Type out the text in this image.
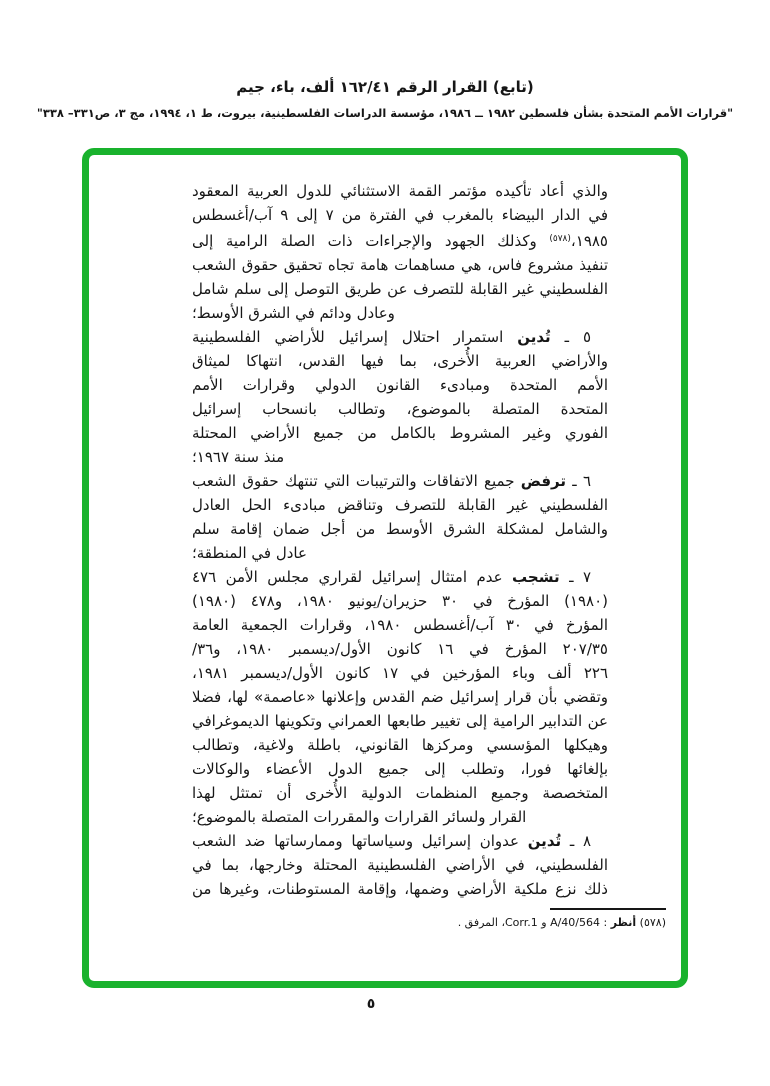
(تابع) القرار الرقم ٤١‏/‏١٦٢ ألف، باء، جيم
"قرارات الأمم المتحدة بشأن فلسطين ١٩٨٢ ــ ١٩٨٦، مؤسسة الدراسات الفلسطينية، بيروت، ط ١، ١٩٩٤، مج ٣، ص٣٣١– ٣٣٨"
والذي أعاد تأكيده مؤتمر القمة الاستثنائي للدول العربية المعقود
في الدار البيضاء بالمغرب في الفترة من ٧ إلى ٩ آب/أغسطس
١٩٨٥،$^{(٥٧٨)}$ وكذلك الجهود والإجراءات ذات الصلة الرامية إلى
تنفيذ مشروع فاس، هي مساهمات هامة تجاه تحقيق حقوق الشعب
الفلسطيني غير القابلة للتصرف عن طريق التوصل إلى سلم شامل
وعادل ودائم في الشرق الأوسط؛
٥ ـ تُدين استمرار احتلال إسرائيل للأراضي الفلسطينية
والأراضي العربية الأُخرى، بما فيها القدس، انتهاكا لميثاق
الأمم المتحدة ومبادىء القانون الدولي وقرارات الأمم
المتحدة المتصلة بالموضوع، وتطالب بانسحاب إسرائيل
الفوري وغير المشروط بالكامل من جميع الأراضي المحتلة
منذ سنة ١٩٦٧؛
٦ ـ ترفض جميع الاتفاقات والترتيبات التي تنتهك حقوق الشعب
الفلسطيني غير القابلة للتصرف وتناقض مبادىء الحل العادل
والشامل لمشكلة الشرق الأوسط من أجل ضمان إقامة سلم
عادل في المنطقة؛
٧ ـ تشجب عدم امتثال إسرائيل لقراري مجلس الأمن ٤٧٦
(١٩٨٠) المؤرخ في ٣٠ حزيران/يونيو ١٩٨٠، و٤٧٨ (١٩٨٠)
المؤرخ في ٣٠ آب/أغسطس ١٩٨٠، وقرارات الجمعية العامة
٣٥‏/‏٢٠٧ المؤرخ في ١٦ كانون الأول/ديسمبر ١٩٨٠، و٣٦/
٢٢٦ ألف وباء المؤرخين في ١٧ كانون الأول/ديسمبر ١٩٨١،
وتقضي بأن قرار إسرائيل ضم القدس وإعلانها «عاصمة» لها، فضلا
عن التدابير الرامية إلى تغيير طابعها العمراني وتكوينها الديموغرافي
وهيكلها المؤسسي ومركزها القانوني، باطلة ولاغية، وتطالب
بإلغائها فورا، وتطلب إلى جميع الدول الأعضاء والوكالات
المتخصصة وجميع المنظمات الدولية الأُخرى أن تمتثل لهذا
القرار ولسائر القرارات والمقررات المتصلة بالموضوع؛
٨ ـ تُدين عدوان إسرائيل وسياساتها وممارساتها ضد الشعب
الفلسطيني، في الأراضي الفلسطينية المحتلة وخارجها، بما في
ذلك نزع ملكية الأراضي وضمها، وإقامة المستوطنات، وغيرها من
(٥٧٨) أنظر : A/40/564 و Corr.1، المرفق .
٥
